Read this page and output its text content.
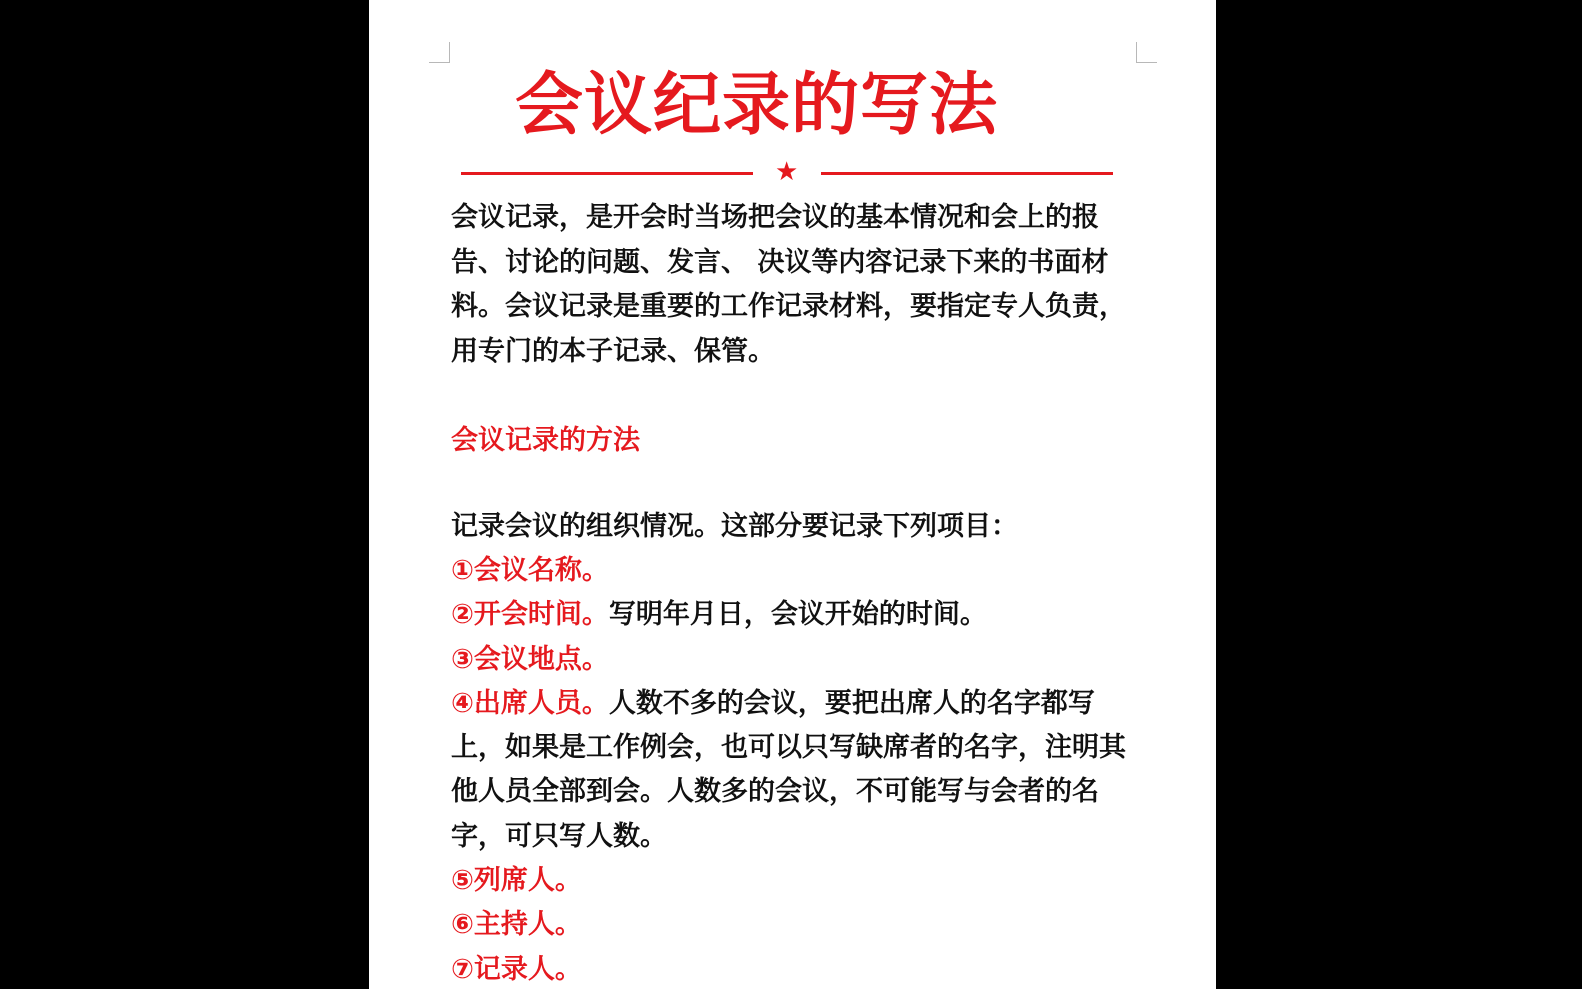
会议纪录的写法
★

会议记录，是开会时当场把会议的基本情况和会上的报告、讨论的问题、发言、 决议等内容记录下来的书面材料。会议记录是重要的工作记录材料，要指定专人负责，用专门的本子记录、保管。

会议记录的方法

记录会议的组织情况。这部分要记录下列项目：

①会议名称。

②开会时间。写明年月日，会议开始的时间。

③会议地点。

④出席人员。人数不多的会议，要把出席人的名字都写上，如果是工作例会，也可以只写缺席者的名字，注明其他人员全部到会。人数多的会议，不可能写与会者的名字，可只写人数。

⑤列席人。

⑥主持人。

⑦记录人。
